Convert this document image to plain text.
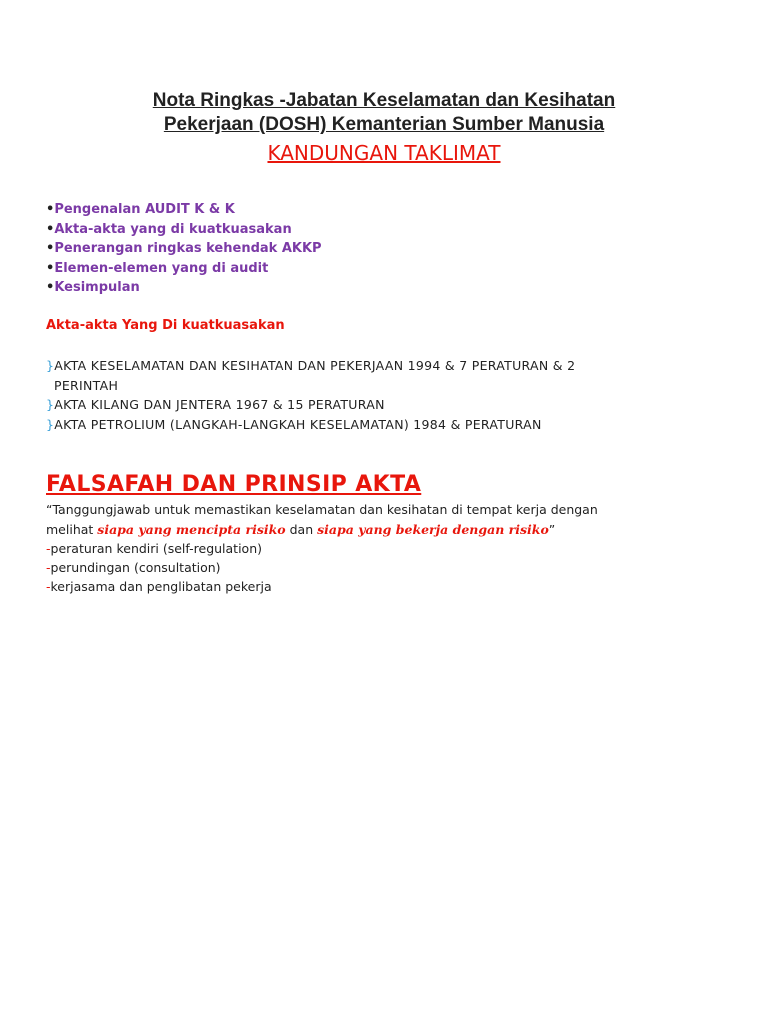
Nota Ringkas -Jabatan Keselamatan dan Kesihatan
Pekerjaan (DOSH) Kemanterian Sumber Manusia
KANDUNGAN TAKLIMAT
•Pengenalan AUDIT K & K
•Akta-akta yang di kuatkuasakan
•Penerangan ringkas kehendak AKKP
•Elemen-elemen yang di audit
•Kesimpulan
Akta-akta Yang Di kuatkuasakan
}AKTA KESELAMATAN DAN KESIHATAN DAN PEKERJAAN 1994 & 7 PERATURAN & 2
PERINTAH
}AKTA KILANG DAN JENTERA 1967 & 15 PERATURAN
}AKTA PETROLIUM (LANGKAH-LANGKAH KESELAMATAN) 1984 & PERATURAN
FALSAFAH DAN PRINSIP AKTA
“Tanggungjawab untuk memastikan keselamatan dan kesihatan di tempat kerja dengan
melihat siapa yang mencipta risiko dan siapa yang bekerja dengan risiko”
-peraturan kendiri (self-regulation)
-perundingan (consultation)
-kerjasama dan penglibatan pekerja
